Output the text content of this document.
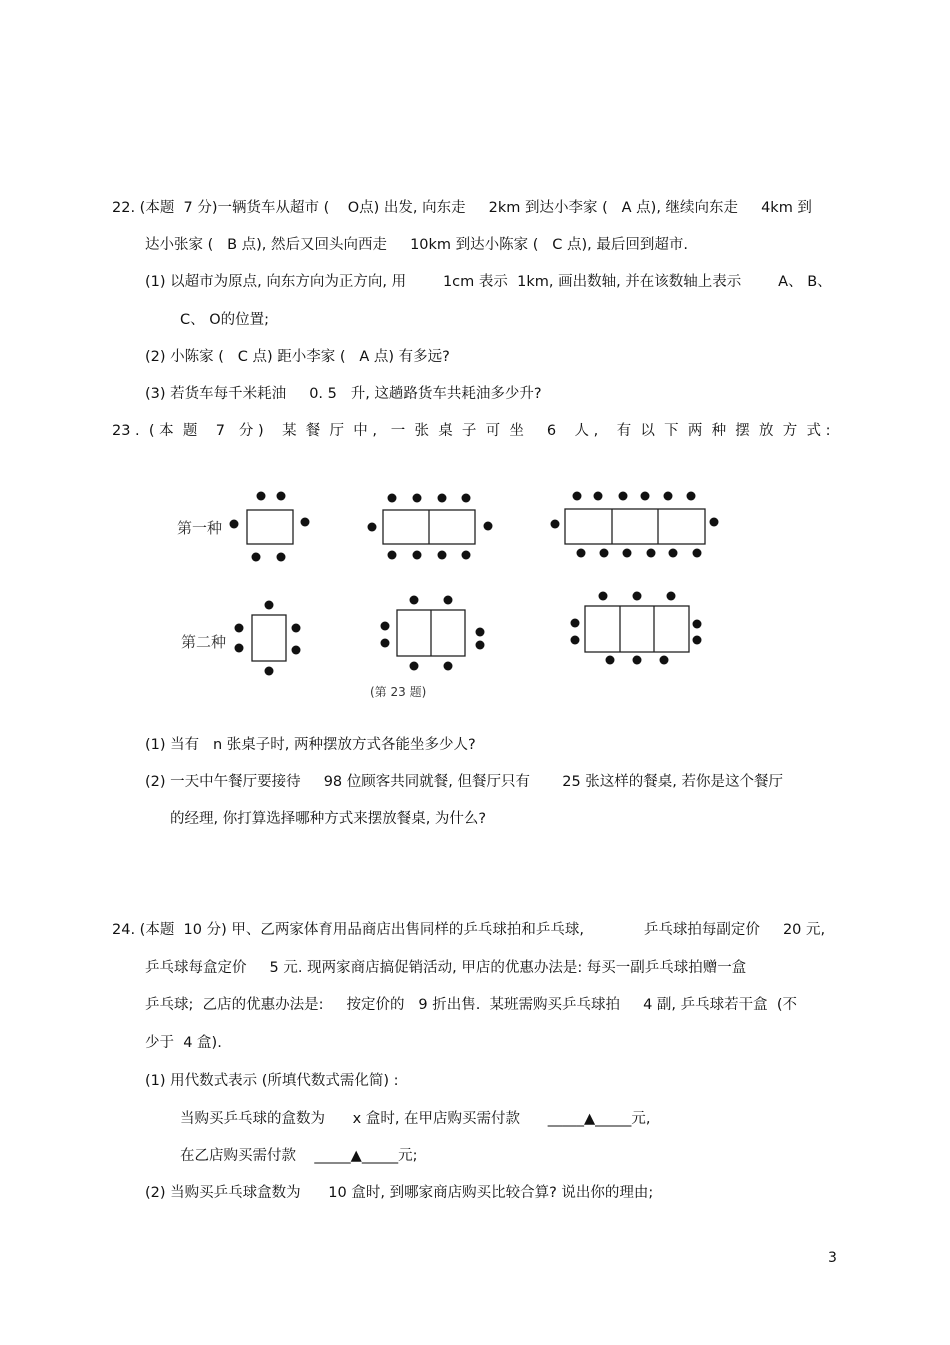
22. (本题  7 分)一辆货车从超市 (    O点) 出发, 向东走     2km 到达小李家 (   A 点), 继续向东走     4km 到
达小张家 (   B 点), 然后又回头向西走     10km 到达小陈家 (   C 点), 最后回到超市.
(1) 以超市为原点, 向东方向为正方向, 用        1cm 表示  1km, 画出数轴, 并在该数轴上表示        A、 B、
C、 O的位置;
(2) 小陈家 (   C 点) 距小李家 (   A 点) 有多远?
(3) 若货车每千米耗油     0. 5   升, 这趟路货车共耗油多少升?
23 .  ( 本  题    7   分 )    某  餐  厅  中 ,   一  张  桌  子  可  坐     6    人 ,    有  以  下  两  种  摆  放  方  式 :
第一种
第二种
(第 23 题)
(1) 当有   n 张桌子时, 两种摆放方式各能坐多少人?
(2) 一天中午餐厅要接待     98 位顾客共同就餐, 但餐厅只有       25 张这样的餐桌, 若你是这个餐厅
的经理, 你打算选择哪种方式来摆放餐桌, 为什么?
24. (本题  10 分) 甲、乙两家体育用品商店出售同样的乒乓球拍和乒乓球,             乒乓球拍每副定价     20 元,
乒乓球每盒定价     5 元. 现两家商店搞促销活动, 甲店的优惠办法是: 每买一副乒乓球拍赠一盒
乒乓球;  乙店的优惠办法是:     按定价的   9 折出售.  某班需购买乒乓球拍     4 副, 乒乓球若干盒  (不
少于  4 盒).
(1) 用代数式表示 (所填代数式需化简) :
当购买乒乓球的盒数为      x 盒时, 在甲店购买需付款      _____▲_____元,
在乙店购买需付款    _____▲_____元;
(2) 当购买乒乓球盒数为      10 盒时, 到哪家商店购买比较合算? 说出你的理由;
3
